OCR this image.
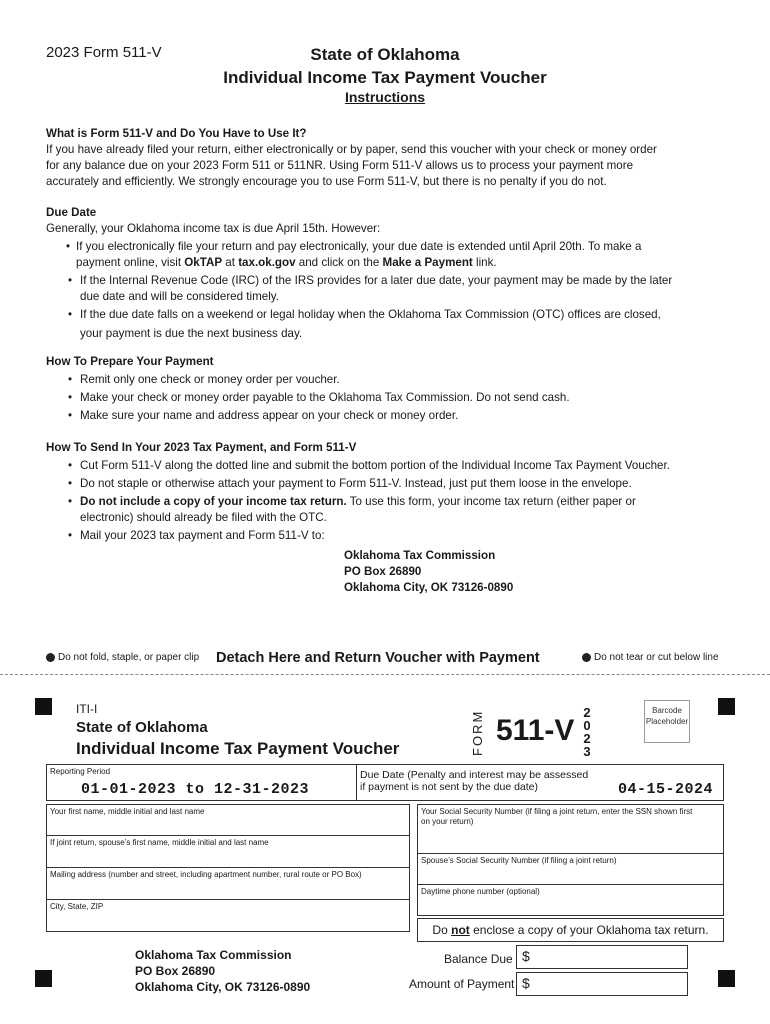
2023 Form 511-V	State of Oklahoma
Individual Income Tax Payment Voucher
Instructions
What is Form 511-V and Do You Have to Use It?
If you have already filed your return, either electronically or by paper, send this voucher with your check or money order
for any balance due on your 2023 Form 511 or 511NR. Using Form 511-V allows us to process your payment more
accurately and efficiently. We strongly encourage you to use Form 511-V, but there is no penalty if you do not.
Due Date
Generally, your Oklahoma income tax is due April 15th. However:
• If you electronically file your return and pay electronically, your due date is extended until April 20th. To make a
payment online, visit OkTAP at tax.ok.gov and click on the Make a Payment link.
• If the Internal Revenue Code (IRC) of the IRS provides for a later due date, your payment may be made by the later
due date and will be considered timely.
• If the due date falls on a weekend or legal holiday when the Oklahoma Tax Commission (OTC) offices are closed,
your payment is due the next business day.
How To Prepare Your Payment
• Remit only one check or money order per voucher.
• Make your check or money order payable to the Oklahoma Tax Commission. Do not send cash.
• Make sure your name and address appear on your check or money order.
How To Send In Your 2023 Tax Payment, and Form 511-V
• Cut Form 511-V along the dotted line and submit the bottom portion of the Individual Income Tax Payment Voucher.
• Do not staple or otherwise attach your payment to Form 511-V. Instead, just put them loose in the envelope.
• Do not include a copy of your income tax return. To use this form, your income tax return (either paper or
electronic) should already be filed with the OTC.
• Mail your 2023 tax payment and Form 511-V to:
Oklahoma Tax Commission
PO Box 26890
Oklahoma City, OK 73126-0890
Do not fold, staple, or paper clip Detach Here and Return Voucher with Payment	Do not tear or cut below line
ITI-I
State of Oklahoma
Individual Income Tax Payment Voucher	FORM 511-V
2
0
2
3
Barcode
Placeholder
Reporting Period
01-01-2023 to 12-31-2023
Due Date (Penalty and interest may be assessed
if payment is not sent by the due date)	04-15-2024
Your first name, middle initial and last name
If joint return, spouse’s first name, middle initial and last name
Mailing address (number and street, including apartment number, rural route or PO Box)
City, State, ZIP
Your Social Security Number (if filing a joint return, enter the SSN shown first
on your return)
Spouse’s Social Security Number (if filing a joint return)
Daytime phone number (optional)
Do not enclose a copy of your Oklahoma tax return.
Oklahoma Tax Commission
PO Box 26890
Oklahoma City, OK 73126-0890
Balance Due $
Amount of Payment $
